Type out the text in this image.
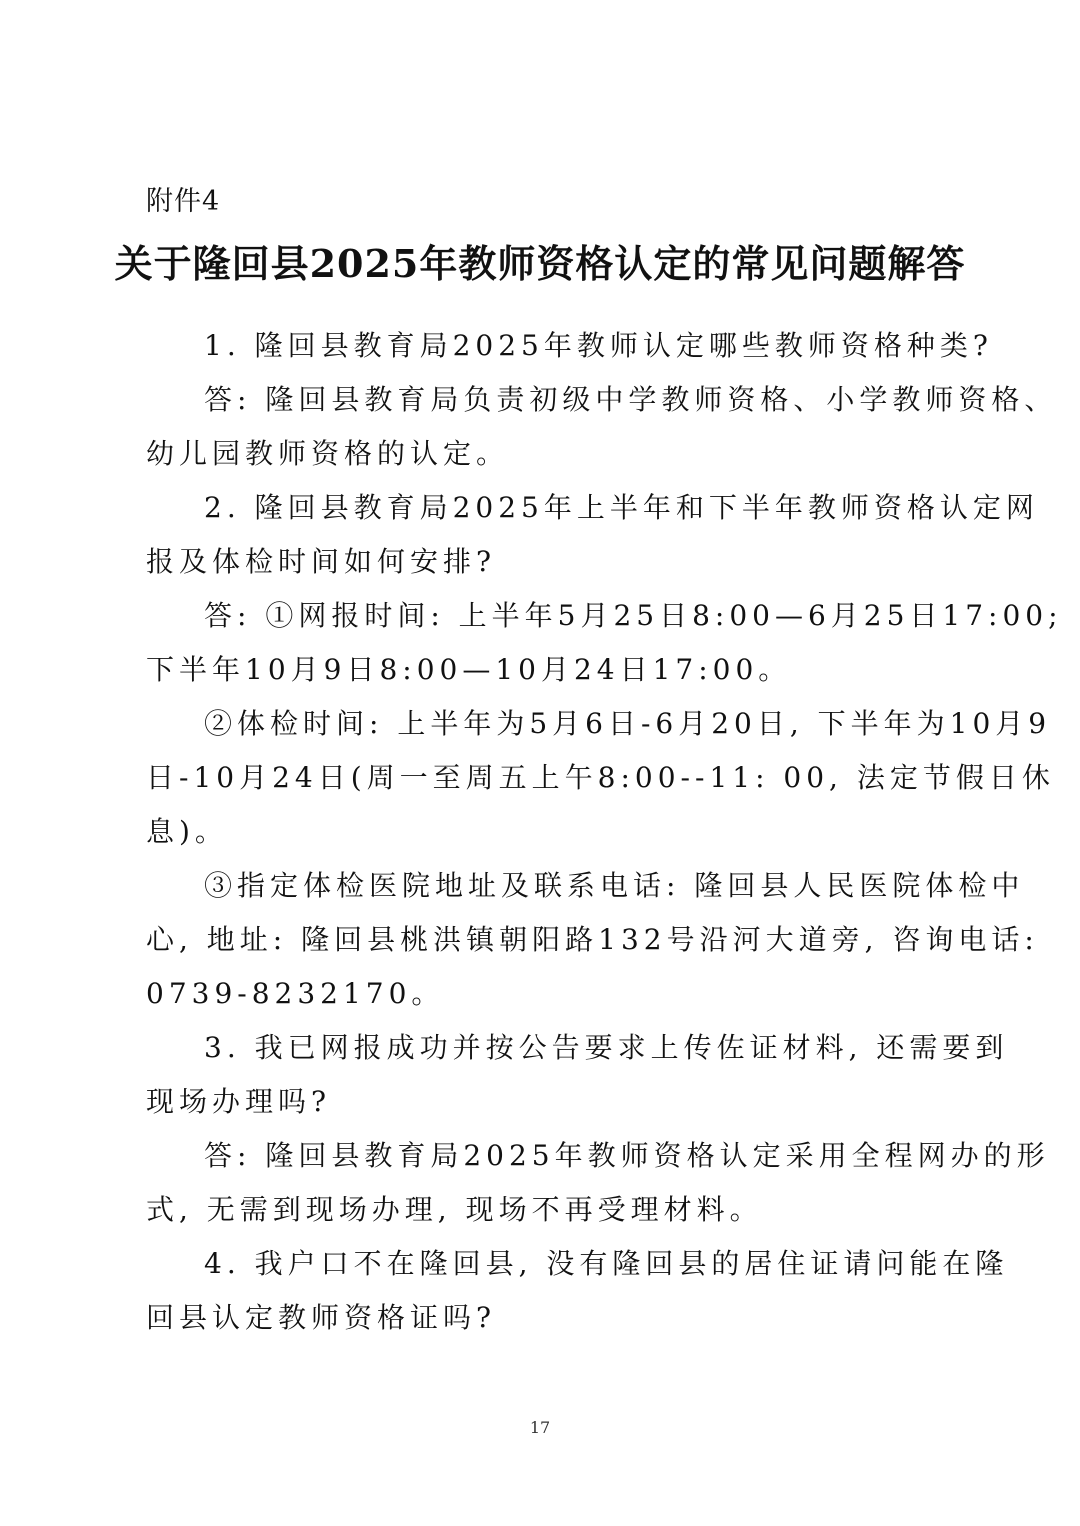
附件4
关于隆回县2025年教师资格认定的常见问题解答
1. 隆回县教育局2025年教师认定哪些教师资格种类?
答: 隆回县教育局负责初级中学教师资格、小学教师资格、
幼儿园教师资格的认定。
2. 隆回县教育局2025年上半年和下半年教师资格认定网
报及体检时间如何安排?
答: ①网报时间: 上半年5月25日8:00—6月25日17:00;
下半年10月9日8:00—10月24日17:00。
②体检时间: 上半年为5月6日-6月20日, 下半年为10月9
日-10月24日(周一至周五上午8:00--11: 00, 法定节假日休
息)。
③指定体检医院地址及联系电话: 隆回县人民医院体检中
心, 地址: 隆回县桃洪镇朝阳路132号沿河大道旁, 咨询电话:
0739-8232170。
3. 我已网报成功并按公告要求上传佐证材料, 还需要到
现场办理吗?
答: 隆回县教育局2025年教师资格认定采用全程网办的形
式, 无需到现场办理, 现场不再受理材料。
4. 我户口不在隆回县, 没有隆回县的居住证请问能在隆
回县认定教师资格证吗?
17
